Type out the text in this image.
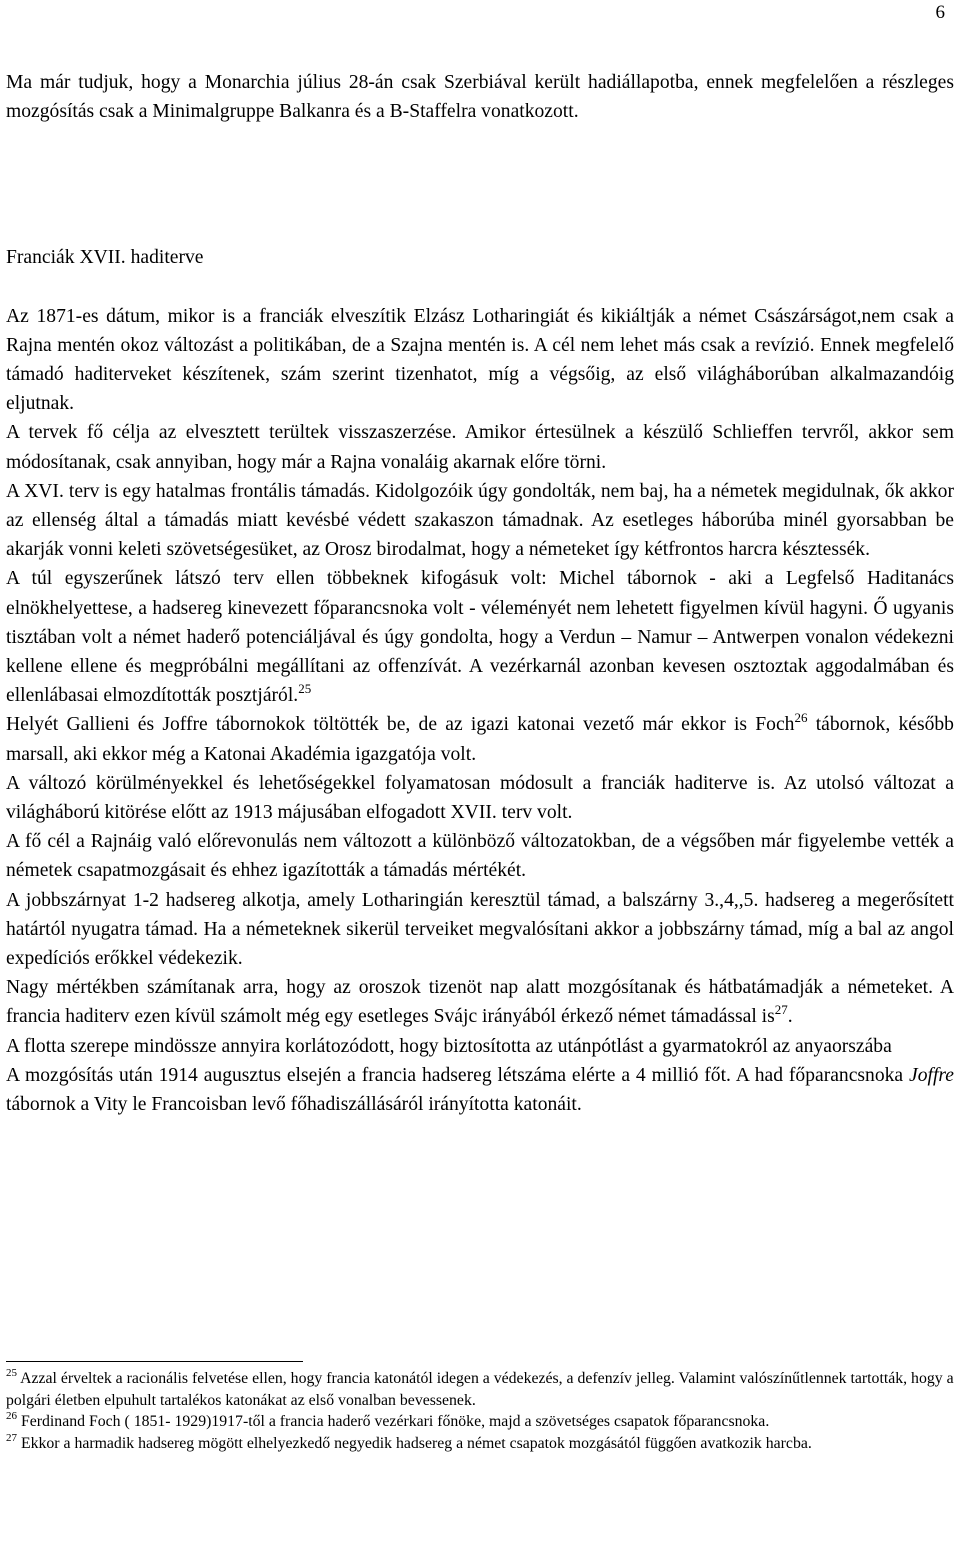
6

Ma már tudjuk, hogy a Monarchia július 28-án csak Szerbiával került hadiállapotba, ennek megfelelően a részleges mozgósítás csak a Minimalgruppe Balkanra és a B-Staffelra vonatkozott.

Franciák XVII. haditerve

Az 1871-es dátum, mikor is a franciák elveszítik Elzász Lotharingiát és kikiáltják a német Császárságot,nem csak a Rajna mentén okoz változást a politikában, de a Szajna mentén is. A cél nem lehet más csak a revízió. Ennek megfelelő támadó haditerveket készítenek, szám szerint tizenhatot, míg a végsőig, az első világháborúban alkalmazandóig eljutnak.

A tervek fő célja az elvesztett terültek visszaszerzése. Amikor értesülnek a készülő Schlieffen tervről, akkor sem módosítanak, csak annyiban, hogy már a Rajna vonaláig akarnak előre törni.

A XVI. terv is egy hatalmas frontális támadás. Kidolgozóik úgy gondolták, nem baj, ha a németek megidulnak, ők akkor az ellenség által a támadás miatt kevésbé védett szakaszon támadnak. Az esetleges háborúba minél gyorsabban be akarják vonni keleti szövetségesüket, az Orosz birodalmat, hogy a németeket így kétfrontos harcra késztessék.

A túl egyszerűnek látszó terv ellen többeknek kifogásuk volt: Michel tábornok - aki a Legfelső Haditanács elnökhelyettese, a hadsereg kinevezett főparancsnoka volt - véleményét nem lehetett figyelmen kívül hagyni. Ő ugyanis tisztában volt a német haderő potenciáljával és úgy gondolta, hogy a Verdun – Namur – Antwerpen vonalon védekezni kellene ellene és megpróbálni megállítani az offenzívát. A vezérkarnál azonban kevesen osztoztak aggodalmában és ellenlábasai elmozdították posztjáról.$^{25}$

Helyét Gallieni és Joffre tábornokok töltötték be, de az igazi katonai vezető már ekkor is Foch$^{26}$ tábornok, később marsall, aki ekkor még a Katonai Akadémia igazgatója volt.

A változó körülményekkel és lehetőségekkel folyamatosan módosult a franciák haditerve is. Az utolsó változat a világháború kitörése előtt az 1913 májusában elfogadott XVII. terv volt.

A fő cél a Rajnáig való előrevonulás nem változott a különböző változatokban, de a végsőben már figyelembe vették a németek csapatmozgásait és ehhez igazították a támadás mértékét.

A jobbszárnyat 1-2 hadsereg alkotja, amely Lotharingián keresztül támad, a balszárny 3.,4,,5. hadsereg a megerősített határtól nyugatra támad. Ha a németeknek sikerül terveiket megvalósítani akkor a jobbszárny támad, míg a bal az angol expedíciós erőkkel védekezik.

Nagy mértékben számítanak arra, hogy az oroszok tizenöt nap alatt mozgósítanak és hátbatámadják a németeket. A francia haditerv ezen kívül számolt még egy esetleges Svájc irányából érkező német támadással $is^{27}$.

A flotta szerepe mindössze annyira korlátozódott, hogy biztosította az utánpótlást a gyarmatokról az anyaorszába

A mozgósítás után 1914 augusztus elsején a francia hadsereg létszáma elérte a 4 millió főt. A had főparancsnoka Joffre tábornok a Vity le Francoisban levő főhadiszállásáról irányította katonáit.

$^{25}$ Azzal érveltek a racionális felvetése ellen, hogy francia katonától idegen a védekezés, a defenzív jelleg. Valamint valószínűtlennek tartották, hogy a polgári életben elpuhult tartalékos katonákat az első vonalban bevessenek.

$^{26}$ Ferdinand Foch ( 1851- 1929)1917-től a francia haderő vezérkari főnöke, majd a szövetséges csapatok főparancsnoka.

$^{27}$ Ekkor a harmadik hadsereg mögött elhelyezkedő negyedik hadsereg a német csapatok mozgásától függően avatkozik harcba.
